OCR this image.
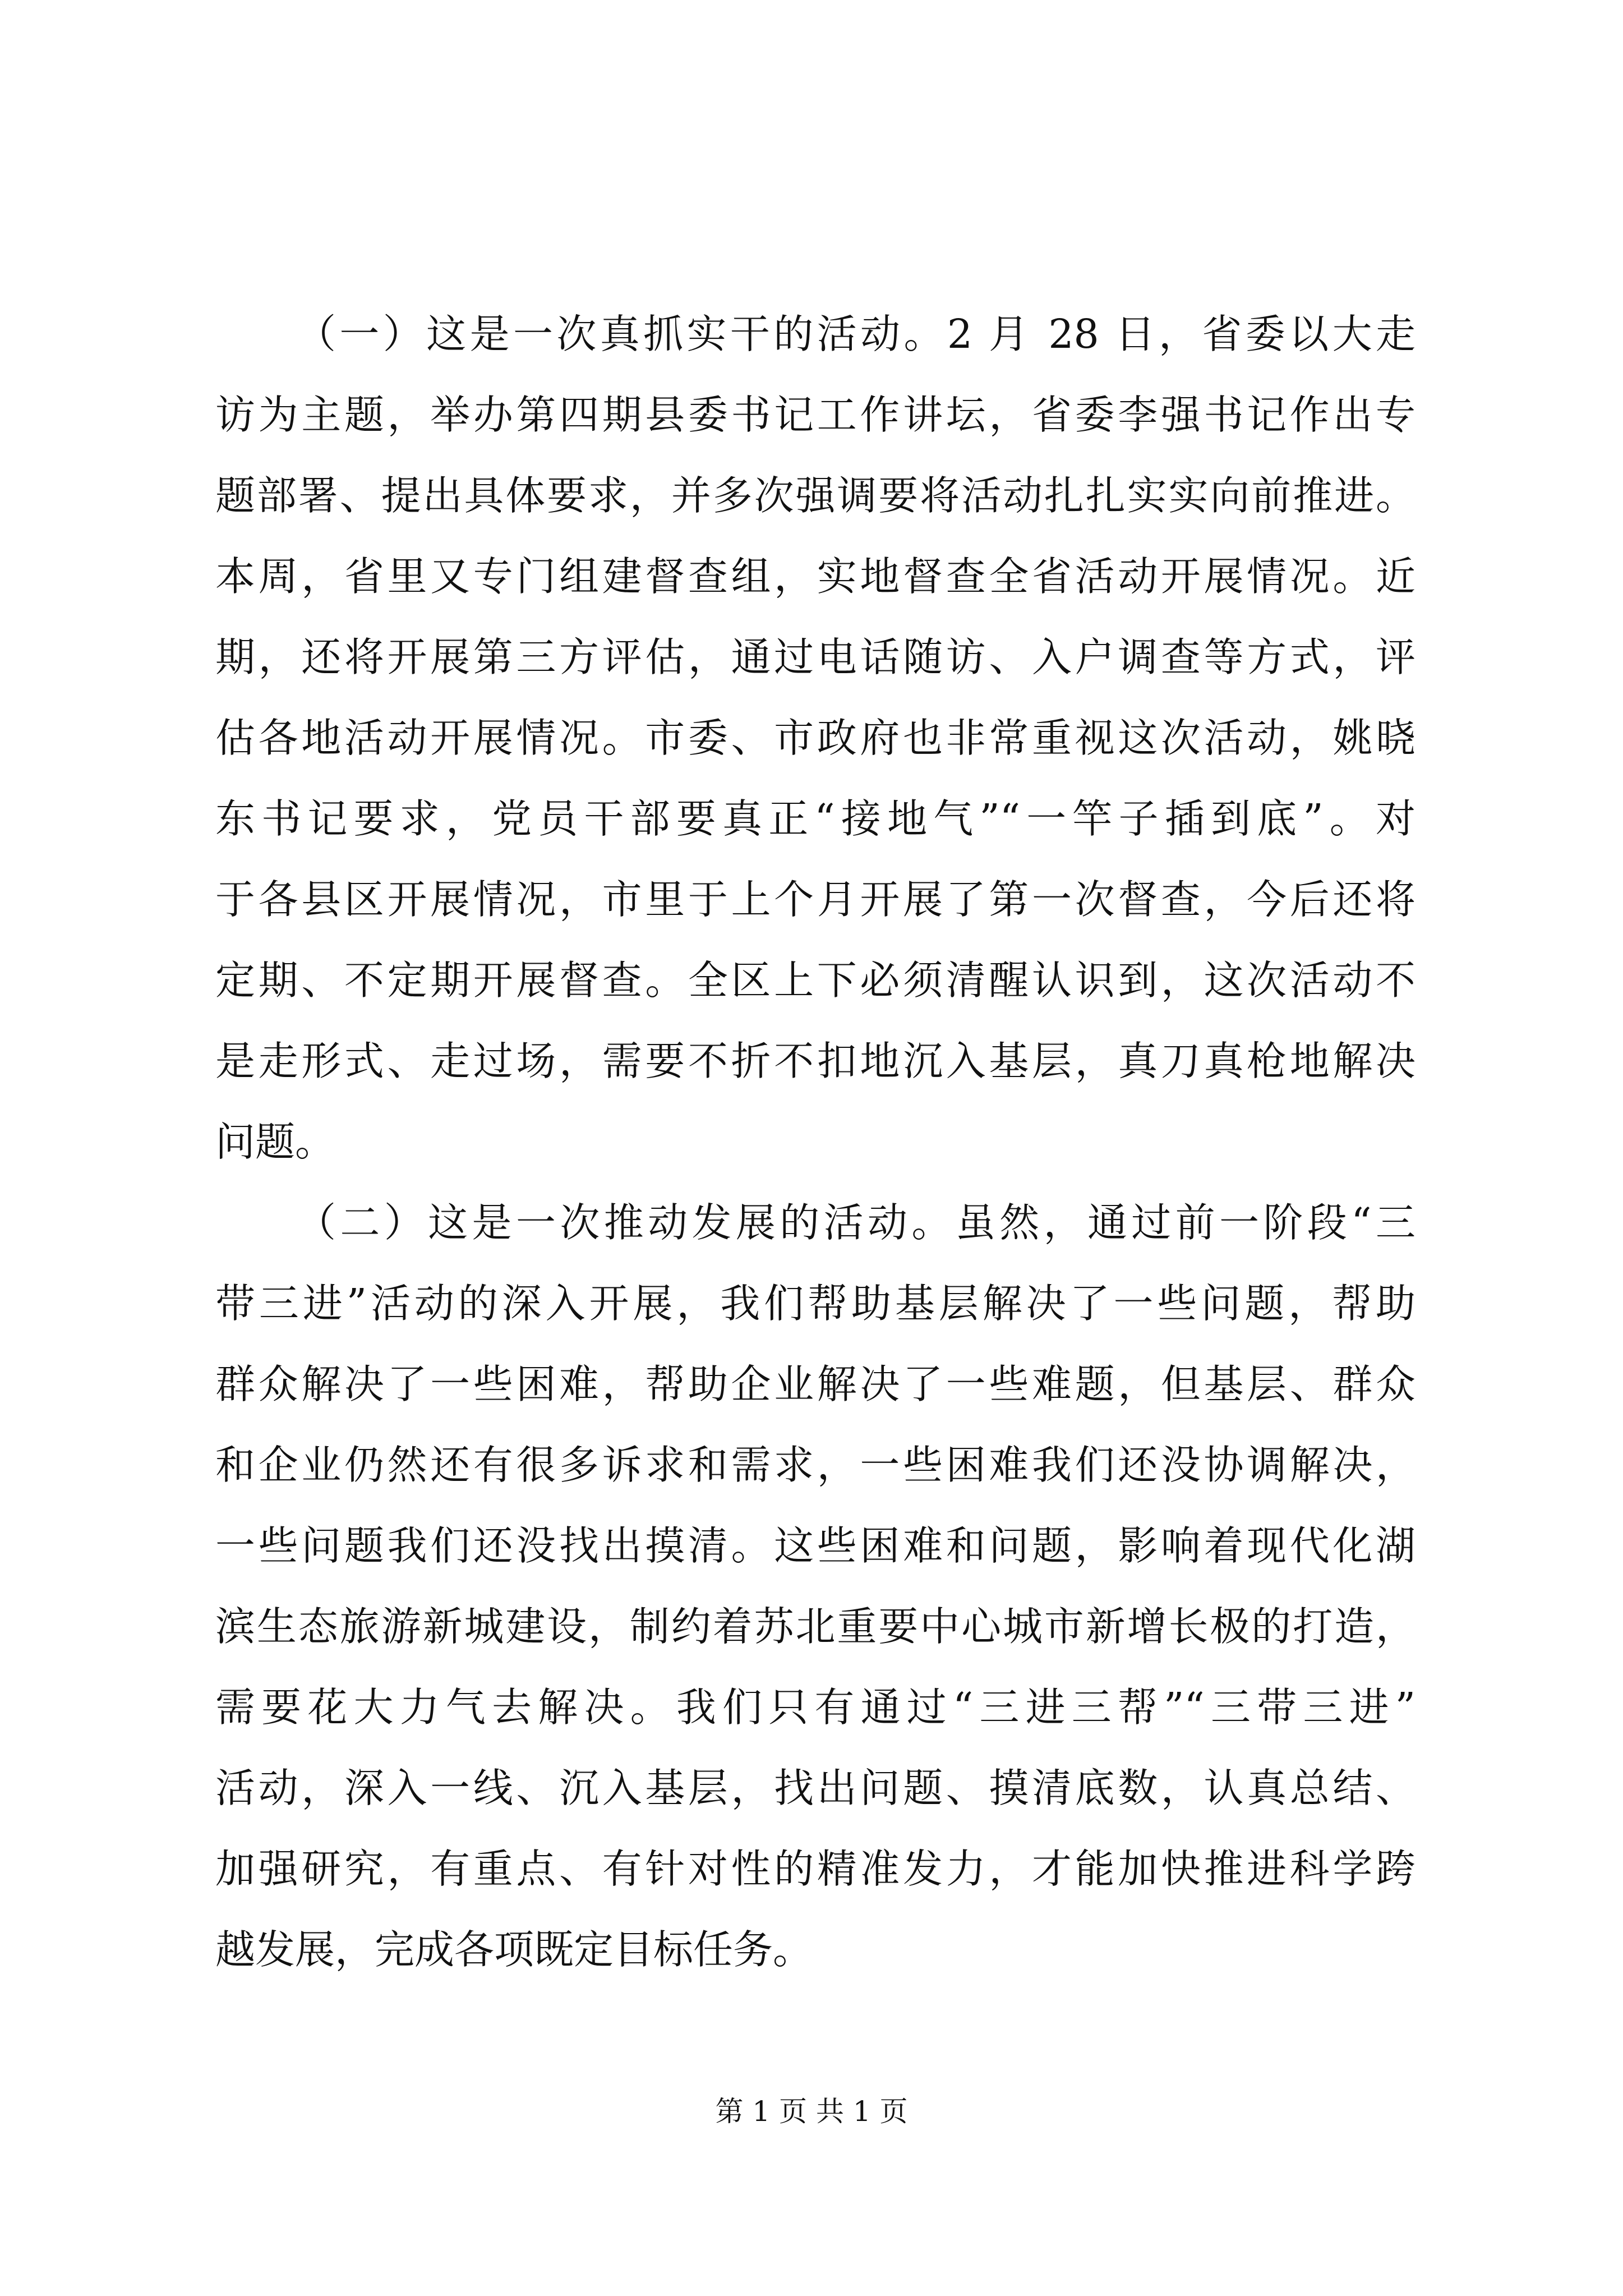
（一）这是一次真抓实干的活动。2 月 28 日，省委以大走
访为主题，举办第四期县委书记工作讲坛，省委李强书记作出专
题部署、提出具体要求，并多次强调要将活动扎扎实实向前推进。
本周，省里又专门组建督查组，实地督查全省活动开展情况。近
期，还将开展第三方评估，通过电话随访、入户调查等方式，评
估各地活动开展情况。市委、市政府也非常重视这次活动，姚晓
东书记要求，党员干部要真正“接地气”“一竿子插到底”。对
于各县区开展情况，市里于上个月开展了第一次督查，今后还将
定期、不定期开展督查。全区上下必须清醒认识到，这次活动不
是走形式、走过场，需要不折不扣地沉入基层，真刀真枪地解决
问题。
（二）这是一次推动发展的活动。虽然，通过前一阶段“三
带三进”活动的深入开展，我们帮助基层解决了一些问题，帮助
群众解决了一些困难，帮助企业解决了一些难题，但基层、群众
和企业仍然还有很多诉求和需求，一些困难我们还没协调解决，
一些问题我们还没找出摸清。这些困难和问题，影响着现代化湖
滨生态旅游新城建设，制约着苏北重要中心城市新增长极的打造，
需要花大力气去解决。我们只有通过“三进三帮”“三带三进”
活动，深入一线、沉入基层，找出问题、摸清底数，认真总结、
加强研究，有重点、有针对性的精准发力，才能加快推进科学跨
越发展，完成各项既定目标任务。
第 1 页 共 1 页
